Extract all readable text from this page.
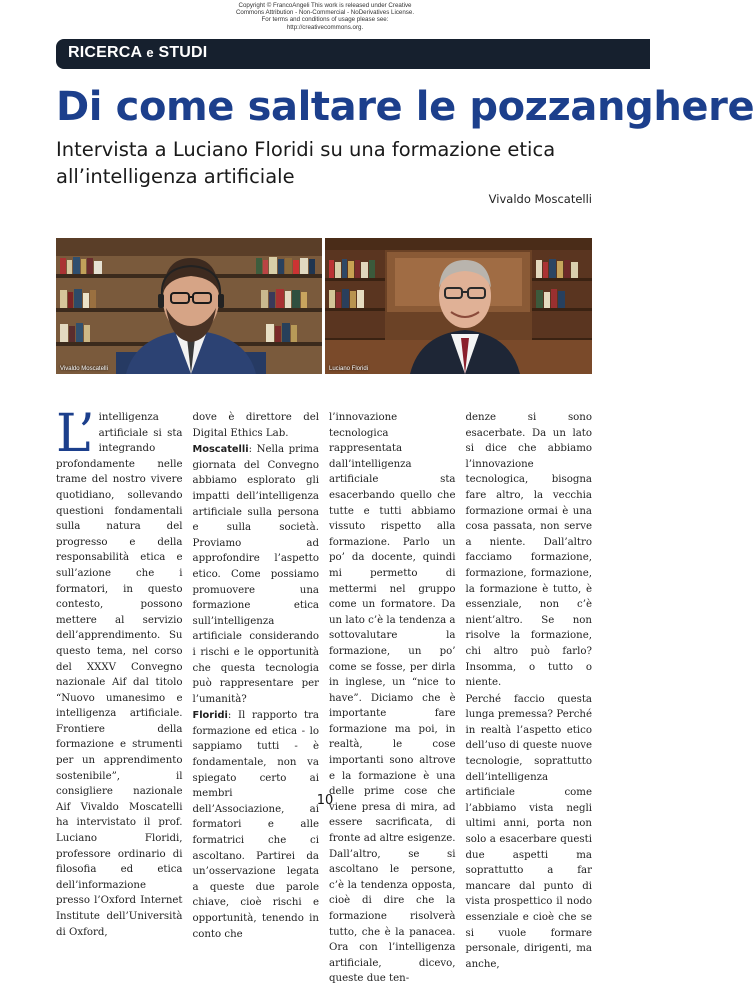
Copyright © FrancoAngeli This work is released under Creative
Commons Attribution - Non-Commercial - NoDerivatives License.
For terms and conditions of usage please see:
http://creativecommons.org.
RICERCA e STUDI
Di come saltare le pozzanghere
Intervista a Luciano Floridi su una formazione etica all’intelligenza artificiale
Vivaldo Moscatelli
Vivaldo Moscatelli	Luciano Floridi

L’ intelligenza artificiale si sta integrando profondamente nelle trame del nostro vivere quotidiano, sollevando questioni fondamentali sulla natura del progresso e della responsabilità etica e sull’azione che i formatori, in questo contesto, possono mettere al servizio dell’apprendimento. Su questo tema, nel corso del XXXV Convegno nazionale Aif dal titolo “Nuovo umanesimo e intelligenza artificiale. Frontiere della formazione e strumenti per un apprendimento sostenibile”, il consigliere nazionale Aif Vivaldo Moscatelli ha intervistato il prof. Luciano Floridi, professore ordinario di filosofia ed etica dell’informazione presso l’Oxford Internet Institute dell’Università di Oxford,

dove è direttore del Digital Ethics Lab.

Moscatelli: Nella prima giornata del Convegno abbiamo esplorato gli impatti dell’intelligenza artificiale sulla persona e sulla società. Proviamo ad approfondire l’aspetto etico. Come possiamo promuovere una formazione etica sull’intelligenza artificiale considerando i rischi e le opportunità che questa tecnologia può rappresentare per l’umanità?

Floridi: Il rapporto tra formazione ed etica - lo sappiamo tutti - è fondamentale, non va spiegato certo ai membri dell’Associazione, ai formatori e alle formatrici che ci ascoltano. Partirei da un’osservazione legata a queste due parole chiave, cioè rischi e opportunità, tenendo in conto che

l’innovazione tecnologica rappresentata dall’intelligenza artificiale sta esacerbando quello che tutte e tutti abbiamo vissuto rispetto alla formazione. Parlo un po’ da docente, quindi mi permetto di mettermi nel gruppo come un formatore. Da un lato c’è la tendenza a sottovalutare la formazione, un po’ come se fosse, per dirla in inglese, un “nice to have”. Diciamo che è importante fare formazione ma poi, in realtà, le cose importanti sono altrove e la formazione è una delle prime cose che viene presa di mira, ad essere sacrificata, di fronte ad altre esigenze. Dall’altro, se si ascoltano le persone, c’è la tendenza opposta, cioè di dire che la formazione risolverà tutto, che è la panacea. Ora con l’intelligenza artificiale, dicevo, queste due ten-

denze si sono esacerbate. Da un lato si dice che abbiamo l’innovazione tecnologica, bisogna fare altro, la vecchia formazione ormai è una cosa passata, non serve a niente. Dall’altro facciamo formazione, formazione, formazione, la formazione è tutto, è essenziale, non c’è nient’altro. Se non risolve la formazione, chi altro può farlo? Insomma, o tutto o niente.

Perché faccio questa lunga premessa? Perché in realtà l’aspetto etico dell’uso di queste nuove tecnologie, soprattutto dell’intelligenza artificiale come l’abbiamo vista negli ultimi anni, porta non solo a esacerbare questi due aspetti ma soprattutto a far mancare dal punto di vista prospettico il nodo essenziale e cioè che se si vuole formare personale, dirigenti, ma anche,

10
